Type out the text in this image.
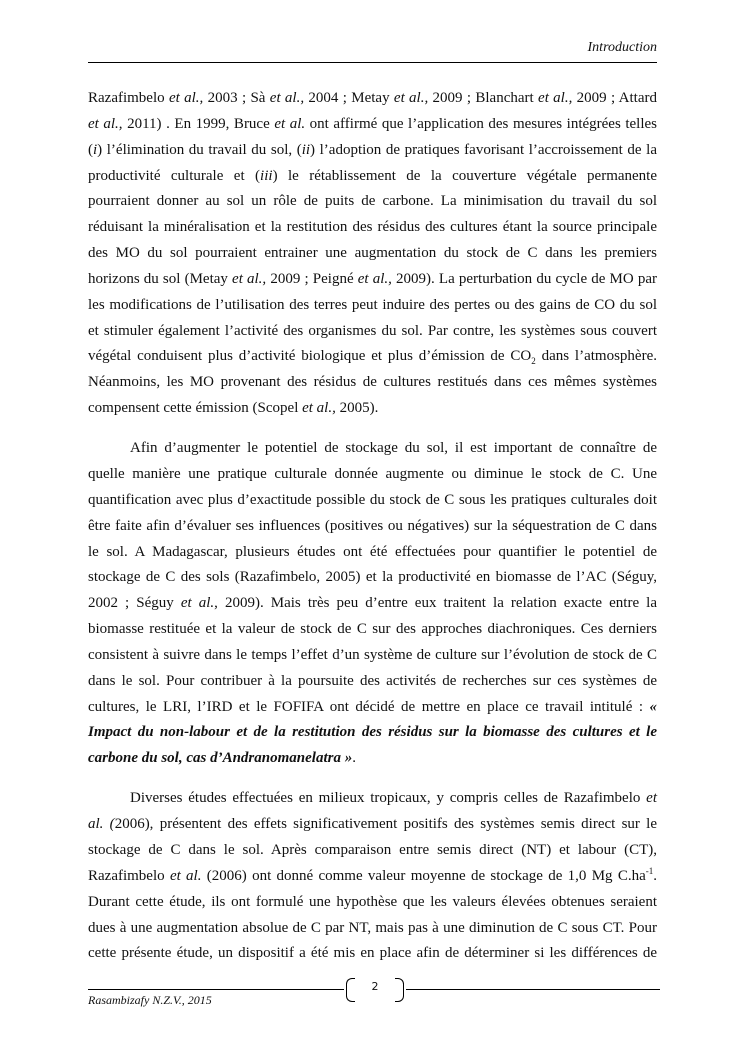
Introduction
Razafimbelo et al., 2003 ; Sà et al., 2004 ; Metay et al., 2009 ; Blanchart et al., 2009 ; Attard
et al., 2011) . En 1999, Bruce et al. ont affirmé que l’application des mesures intégrées telles
(i) l’élimination du travail du sol, (ii) l’adoption de pratiques favorisant l’accroissement de la
productivité culturale et (iii) le rétablissement de la couverture végétale permanente
pourraient donner au sol un rôle de puits de carbone. La minimisation du travail du sol
réduisant la minéralisation et la restitution des résidus des cultures étant la source principale
des MO du sol pourraient entrainer une augmentation du stock de C dans les premiers
horizons du sol (Metay et al., 2009 ; Peigné et al., 2009). La perturbation du cycle de MO par
les modifications de l’utilisation des terres peut induire des pertes ou des gains de CO du sol
et stimuler également l’activité des organismes du sol. Par contre, les systèmes sous couvert
végétal conduisent plus d’activité biologique et plus d’émission de $CO_2$ dans l’atmosphère.
Néanmoins, les MO provenant des résidus de cultures restitués dans ces mêmes systèmes
compensent cette émission (Scopel et al., 2005).
Afin d’augmenter le potentiel de stockage du sol, il est important de connaître de
quelle manière une pratique culturale donnée augmente ou diminue le stock de C. Une
quantification avec plus d’exactitude possible du stock de C sous les pratiques culturales doit
être faite afin d’évaluer ses influences (positives ou négatives) sur la séquestration de C dans
le sol. A Madagascar, plusieurs études ont été effectuées pour quantifier le potentiel de
stockage de C des sols (Razafimbelo, 2005) et la productivité en biomasse de l’AC (Séguy,
2002 ; Séguy et al., 2009). Mais très peu d’entre eux traitent la relation exacte entre la
biomasse restituée et la valeur de stock de C sur des approches diachroniques. Ces derniers
consistent à suivre dans le temps l’effet d’un système de culture sur l’évolution de stock de C
dans le sol. Pour contribuer à la poursuite des activités de recherches sur ces systèmes de
cultures, le LRI, l’IRD et le FOFIFA ont décidé de mettre en place ce travail intitulé : «
Impact du non-labour et de la restitution des résidus sur la biomasse des cultures et le
carbone du sol, cas d’Andranomanelatra ».
Diverses études effectuées en milieux tropicaux, y compris celles de Razafimbelo et
al. (2006), présentent des effets significativement positifs des systèmes semis direct sur le
stockage de C dans le sol. Après comparaison entre semis direct (NT) et labour (CT),
Razafimbelo et al. (2006) ont donné comme valeur moyenne de stockage de 1,0 Mg $C.ha^{-1}$.
Durant cette étude, ils ont formulé une hypothèse que les valeurs élevées obtenues seraient
dues à une augmentation absolue de C par NT, mais pas à une diminution de C sous CT. Pour
cette présente étude, un dispositif a été mis en place afin de déterminer si les différences de
2
Rasambizafy N.Z.V., 2015
